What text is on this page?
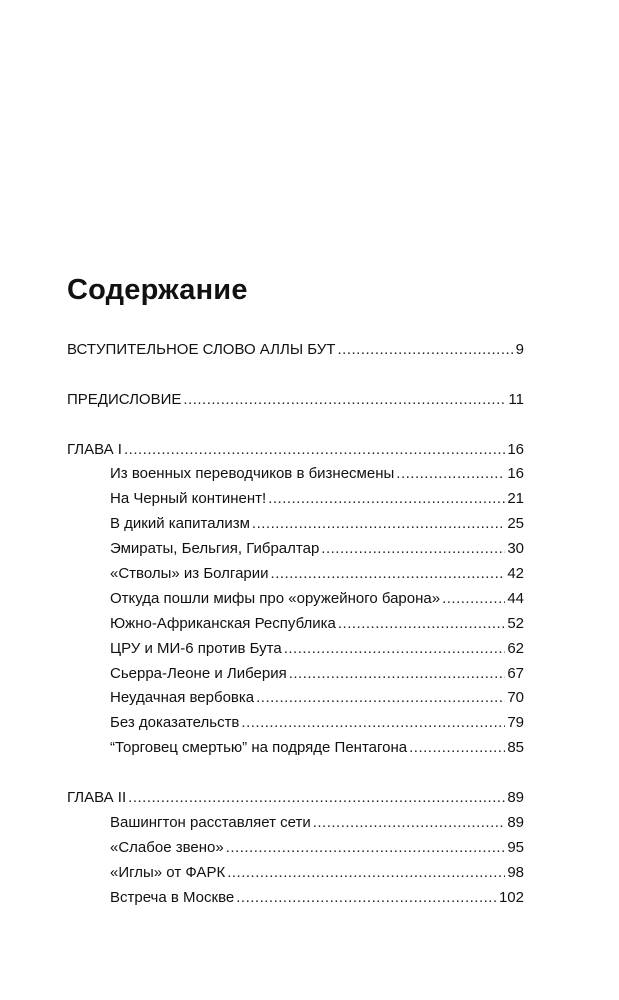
Содержание
ВСТУПИТЕЛЬНОЕ СЛОВО АЛЛЫ БУТ .....	9
ПРЕДИСЛОВИЕ .....	11
ГЛАВА I .....	16
Из военных переводчиков в бизнесмены .....	16
На Черный континент! .....	21
В дикий капитализм .....	25
Эмираты, Бельгия, Гибралтар .....	30
«Стволы» из Болгарии .....	42
Откуда пошли мифы про «оружейного барона» .....	44
Южно-Африканская Республика .....	52
ЦРУ и МИ-6 против Бута .....	62
Сьерра-Леоне и Либерия .....	67
Неудачная вербовка .....	70
Без доказательств .....	79
“Торговец смертью” на подряде Пентагона .....	85
ГЛАВА II .....	89
Вашингтон расставляет сети .....	89
«Слабое звено» .....	95
«Иглы» от ФАРК .....	98
Встреча в Москве .....	102
